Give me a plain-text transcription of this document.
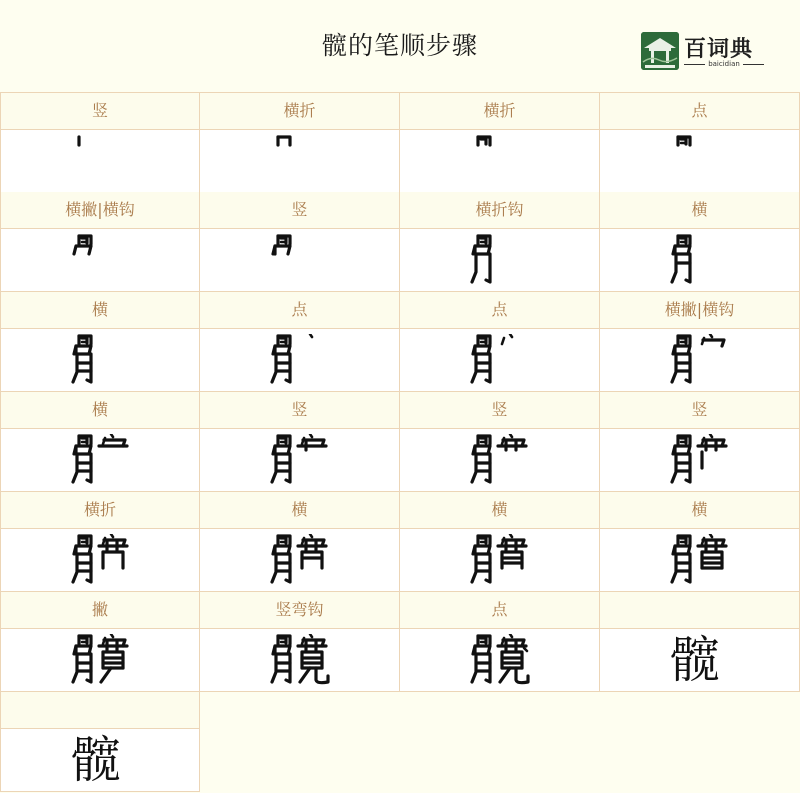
髋的笔顺步骤	百词典
baicidian
竖	横折	横折	点
横撇|横钩	竖	横折钩	横
横	点	点	横撇|横钩
横	竖	竖	竖
横折	横	横	横
撇	竖弯钩	点
髋
髋
